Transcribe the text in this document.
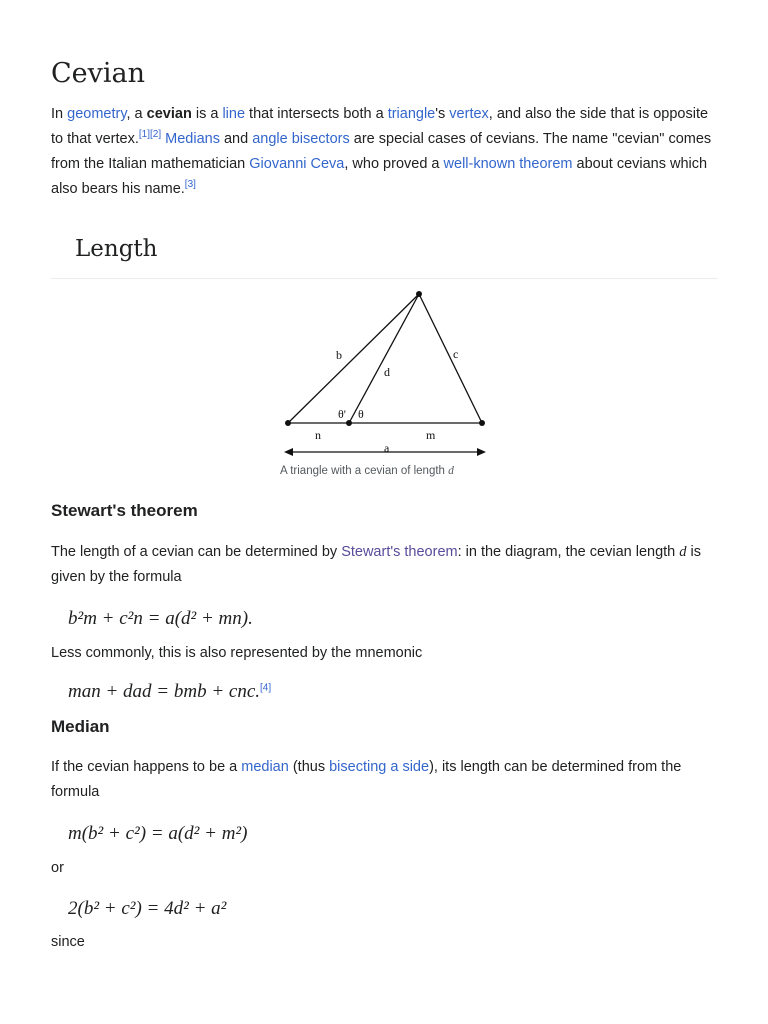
Cevian
In geometry, a cevian is a line that intersects both a triangle's vertex, and also the side that is opposite to that vertex.[1][2] Medians and angle bisectors are special cases of cevians. The name "cevian" comes from the Italian mathematician Giovanni Ceva, who proved a well-known theorem about cevians which also bears his name.[3]
Length
b	c
d
θ' θ
n	m
a
A triangle with a cevian of length d
Stewart's theorem
The length of a cevian can be determined by Stewart's theorem: in the diagram, the cevian length d is given by the formula
b²m + c²n = a(d² + mn).
Less commonly, this is also represented by the mnemonic
man + dad = bmb + cnc.[4]
Median
If the cevian happens to be a median (thus bisecting a side), its length can be determined from the formula
m(b² + c²) = a(d² + m²)
or
2(b² + c²) = 4d² + a²
since
